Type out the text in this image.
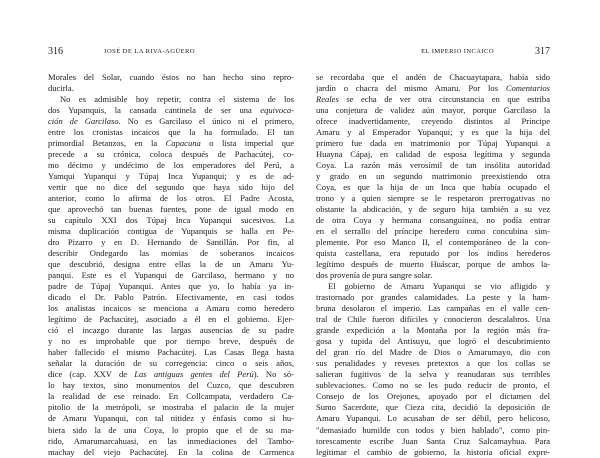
316	JOSÉ DE LA RIVA-AGÜERO
Morales del Solar, cuando éstos no han hecho sino repro-
ducirla.
No es admisible hoy repetir, contra el sistema de los
dos Yupanquis, la cansada cantinela de ser una equivoca-
ción de Garcilaso. No es Garcilaso el único ni el primero,
entre los cronistas incaicos que la ha formulado. El tan
primordial Betanzos, en la Capacuna o lista imperial que
precede a su crónica, coloca después de Pachacútej, co-
mo décimo y undécimo de los emperadores del Perú, a
Yamqui Yupanqui y Túpaj Inca Yupanqui; y es de ad-
vertir que no dice del segundo que haya sido hijo del
anterior, como lo afirma de los otros. El Padre Acosta,
que aprovechó tan buenas fuentes, pone de igual modo en
su capítulo XXI dos Túpaj Inca Yupanqui sucesivos. La
misma duplicación contigua de Yupanquis se halla en Pe-
dro Pizarro y en D. Hernando de Santillán. Por fin, al
describir Ondegardo las momias de soberanos incaicos
que descubrió, designa entre ellas la de un Amaru Yu-
panqui. Este es el Yupanqui de Garcilaso, hermano y no
padre de Túpaj Yupanqui. Antes que yo, lo había ya in-
dicado el Dr. Pablo Patrón. Efectivamente, en casi todos
los analistas incaicos se menciona a Amaru como heredero
legítimo de Pachacútej, asociado a él en el gobierno. Ejer-
ció el incazgo durante las largas ausencias de su padre
y no es improbable que por tiempo breve, después de
haber fallecido el mismo Pachacútej. Las Casas llega hasta
señalar la duración de su corregencia: cinco o seis años,
dice (cap. XXV de Las antiguas gentes del Perú). No só-
lo hay textos, sino monumentos del Cuzco, que descubren
la realidad de ese reinado. En Collcampata, verdadero Ca-
pitolio de la metrópoli, se mostraba el palacio de la mujer
de Amaru Yupanqui, con tal nitidez y énfasis como si hu-
biera sido la de una Coya, lo propio que el de su ma-
rido, Amarumarcahuasi, en las inmediaciones del Tambo-
machay del viejo Pachacútej. En la colina de Carmenca
EL IMPERIO INCAICO	317
se recordaba que el andén de Chacuaytapara, había sido
jardín o chacra del mismo Amaru. Por los Comentarios
Reales se echa de ver otra circunstancia en que estriba
una conjetura de validez aún mayor, porque Garcilaso la
ofrece inadvertidamente, creyendo distintos al Príncipe
Amaru y al Emperador Yupanqui; y es que la hija del
primero fue dada en matrimonio por Túpaj Yupanqui a
Huayna Cápaj, en calidad de esposa legítima y segunda
Coya. La razón más verosímil de tan insólita autoridad
y grado en un segundo matrimonio preexistiendo otra
Coya, es que la hija de un Inca que había ocupado el
trono y a quien siempre se le respetaron prerrogativas no
obstante la abdicación, y de seguro hija también a su vez
de otra Coya y hermana consanguínea, no podía entrar
en el serrallo del príncipe heredero como concubina sim-
plemente. Por eso Manco II, el contemporáneo de la con-
quista castellana, era reputado por los indios herederos
legítimo después de muerto Huáscar, porque de ambos la-
dos provenía de pura sangre solar.
El gobierno de Amaru Yupanqui se vio afligido y
trastornado por grandes calamidades. La peste y la ham-
bruna desolaron el imperio. Las campañas en el valle cen-
tral de Chile fueron difíciles y conocieron descalabros. Una
grande expedición a la Montaña por la región más fra-
gosa y tupida del Antisuyu, que logró el descubrimiento
del gran río del Madre de Dios o Amarumayo, dio con
sus penalidades y reveses pretextos a que los collas se
salieran fugitivos de la selva y reanudaran sus terribles
sublevaciones. Como no se les pudo reducir de pronto, el
Consejo de los Orejones, apoyado por el dictamen del
Sumo Sacerdote, que Cieza cita, decidió la deposición de
Amaru Yupanqui. Lo acusaban de ser débil, pero belicoso,
"demasiado humilde con todos y bien hablado", como pin-
torescamente escribe Juan Santa Cruz Salcamayhua. Para
legitimar el cambio de gobierno, la historia oficial expre-
